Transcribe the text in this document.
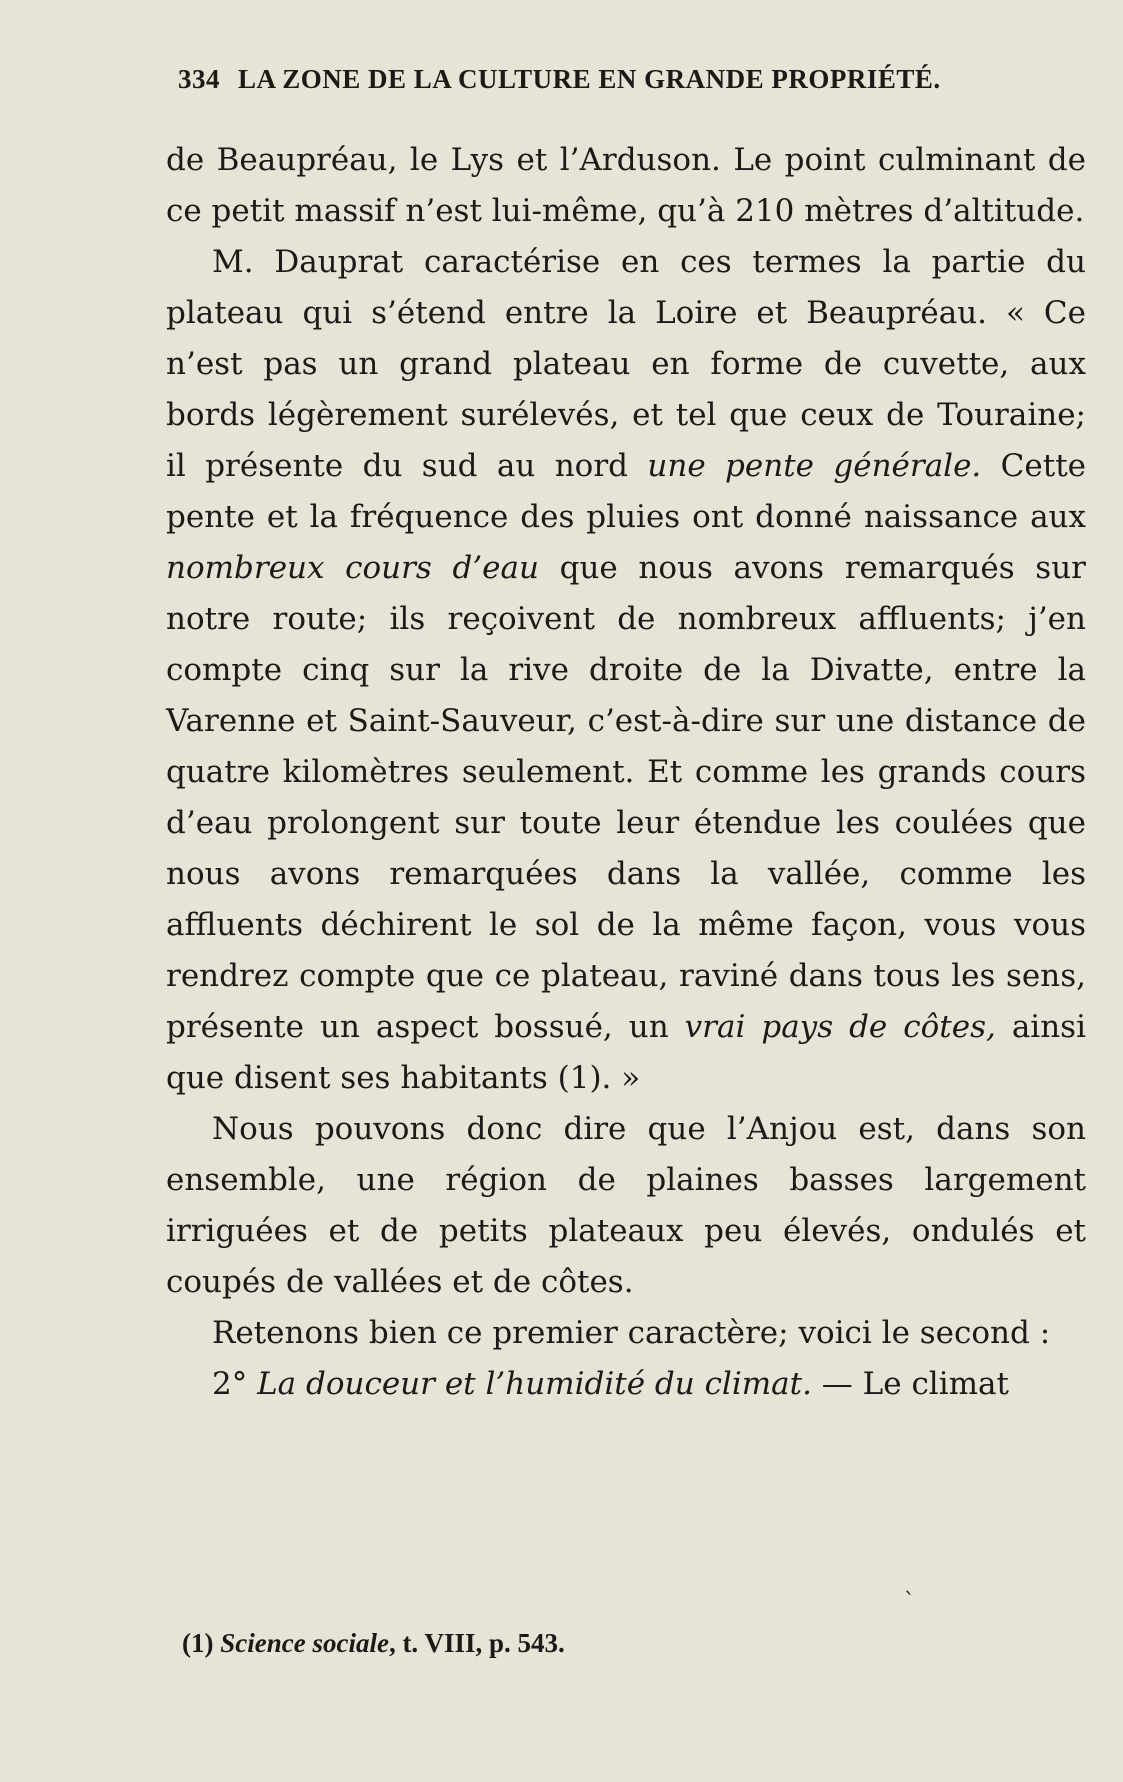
334 LA ZONE DE LA CULTURE EN GRANDE PROPRIÉTÉ.

de Beaupréau, le Lys et l’Arduson. Le point culminant de ce petit massif n’est lui-même, qu’à 210 mètres d’altitude.

M. Dauprat caractérise en ces termes la partie du plateau qui s’étend entre la Loire et Beaupréau. « Ce n’est pas un grand plateau en forme de cuvette, aux bords légèrement surélevés, et tel que ceux de Touraine; il présente du sud au nord une pente générale. Cette pente et la fréquence des pluies ont donné naissance aux nombreux cours d’eau que nous avons remarqués sur notre route; ils reçoivent de nombreux affluents; j’en compte cinq sur la rive droite de la Divatte, entre la Varenne et Saint-Sauveur, c’est-à-dire sur une distance de quatre kilomètres seulement. Et comme les grands cours d’eau prolongent sur toute leur étendue les coulées que nous avons remarquées dans la vallée, comme les affluents déchirent le sol de la même façon, vous vous rendrez compte que ce plateau, raviné dans tous les sens, présente un aspect bossué, un vrai pays de côtes, ainsi que disent ses habitants (1). »

Nous pouvons donc dire que l’Anjou est, dans son ensemble, une région de plaines basses largement irriguées et de petits plateaux peu élevés, ondulés et coupés de vallées et de côtes.

Retenons bien ce premier caractère; voici le second :

2° La douceur et l’humidité du climat. — Le climat

`
(1) Science sociale, t. VIII, p. 543.
